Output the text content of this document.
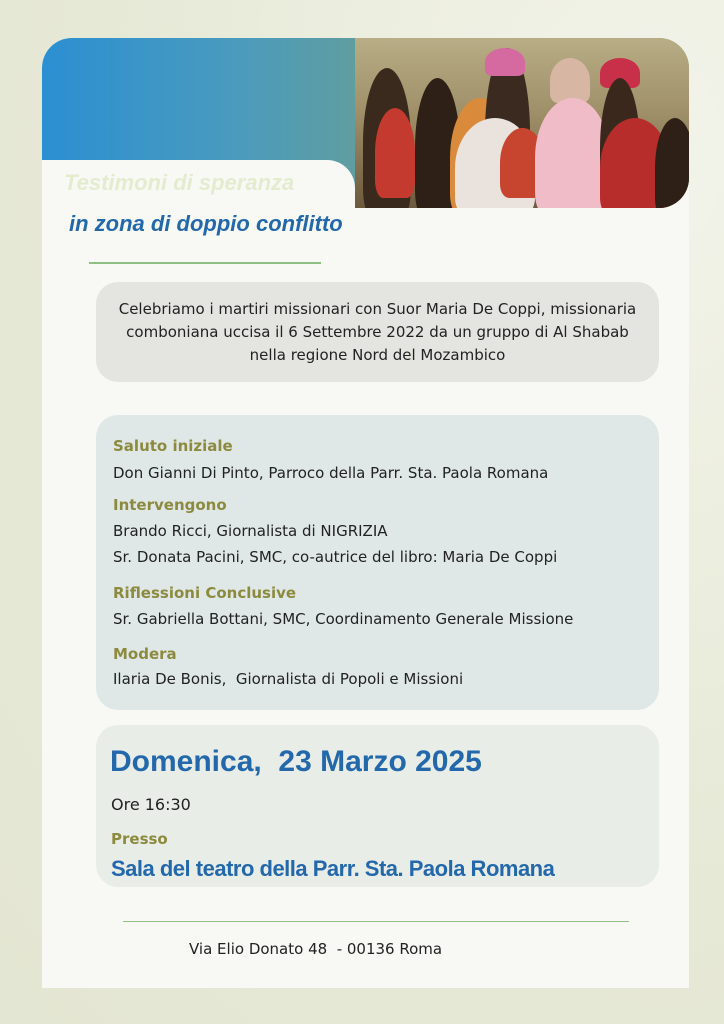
Testimoni di speranza
in zona di doppio conflitto

Celebriamo i martiri missionari con Suor Maria De Coppi, missionaria comboniana uccisa il 6 Settembre 2022 da un gruppo di Al Shabab nella regione Nord del Mozambico

Saluto iniziale
Don Gianni Di Pinto, Parroco della Parr. Sta. Paola Romana
Intervengono
Brando Ricci, Giornalista di NIGRIZIA
Sr. Donata Pacini, SMC, co-autrice del libro: Maria De Coppi
Riflessioni Conclusive
Sr. Gabriella Bottani, SMC, Coordinamento Generale Missione
Modera
Ilaria De Bonis,  Giornalista di Popoli e Missioni
Domenica,  23 Marzo 2025
Ore 16:30
Presso
Sala del teatro della Parr. Sta. Paola Romana
Via Elio Donato 48  - 00136 Roma
